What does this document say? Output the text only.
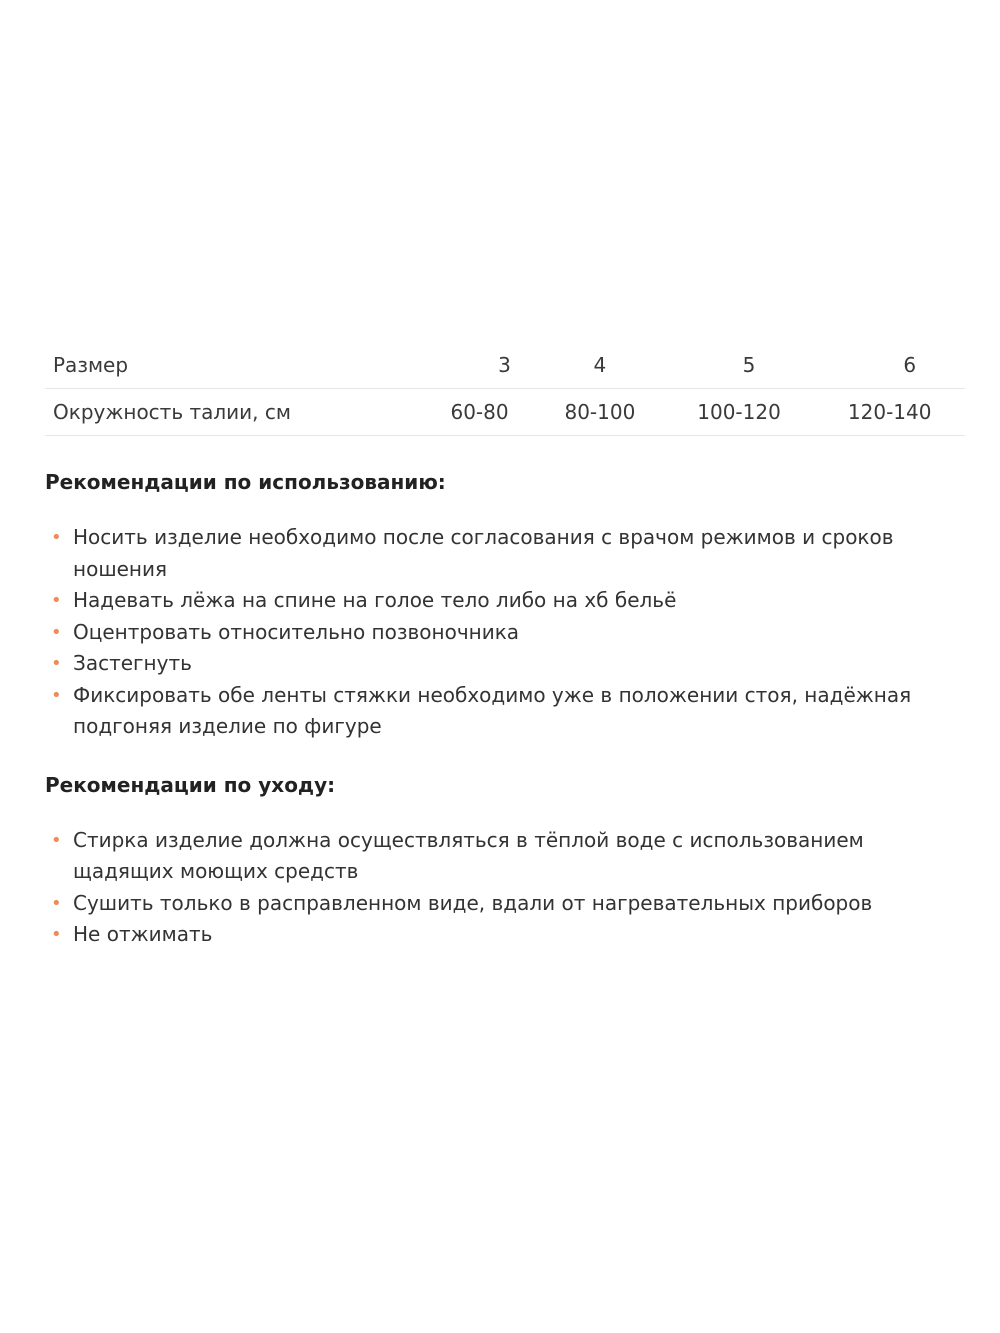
Размер	3	4	5	6
Окружность талии, см	60-80	80-100	100-120	120-140

Рекомендации по использованию:

• Носить изделие необходимо после согласования с врачом режимов и сроков ношения
• Надевать лёжа на спине на голое тело либо на хб бельё
• Оцентровать относительно позвоночника
• Застегнуть
• Фиксировать обе ленты стяжки необходимо уже в положении стоя, надёжная подгоняя изделие по фигуре

Рекомендации по уходу:

• Стирка изделие должна осуществляться в тёплой воде с использованием щадящих моющих средств
• Сушить только в расправленном виде, вдали от нагревательных приборов
• Не отжимать
